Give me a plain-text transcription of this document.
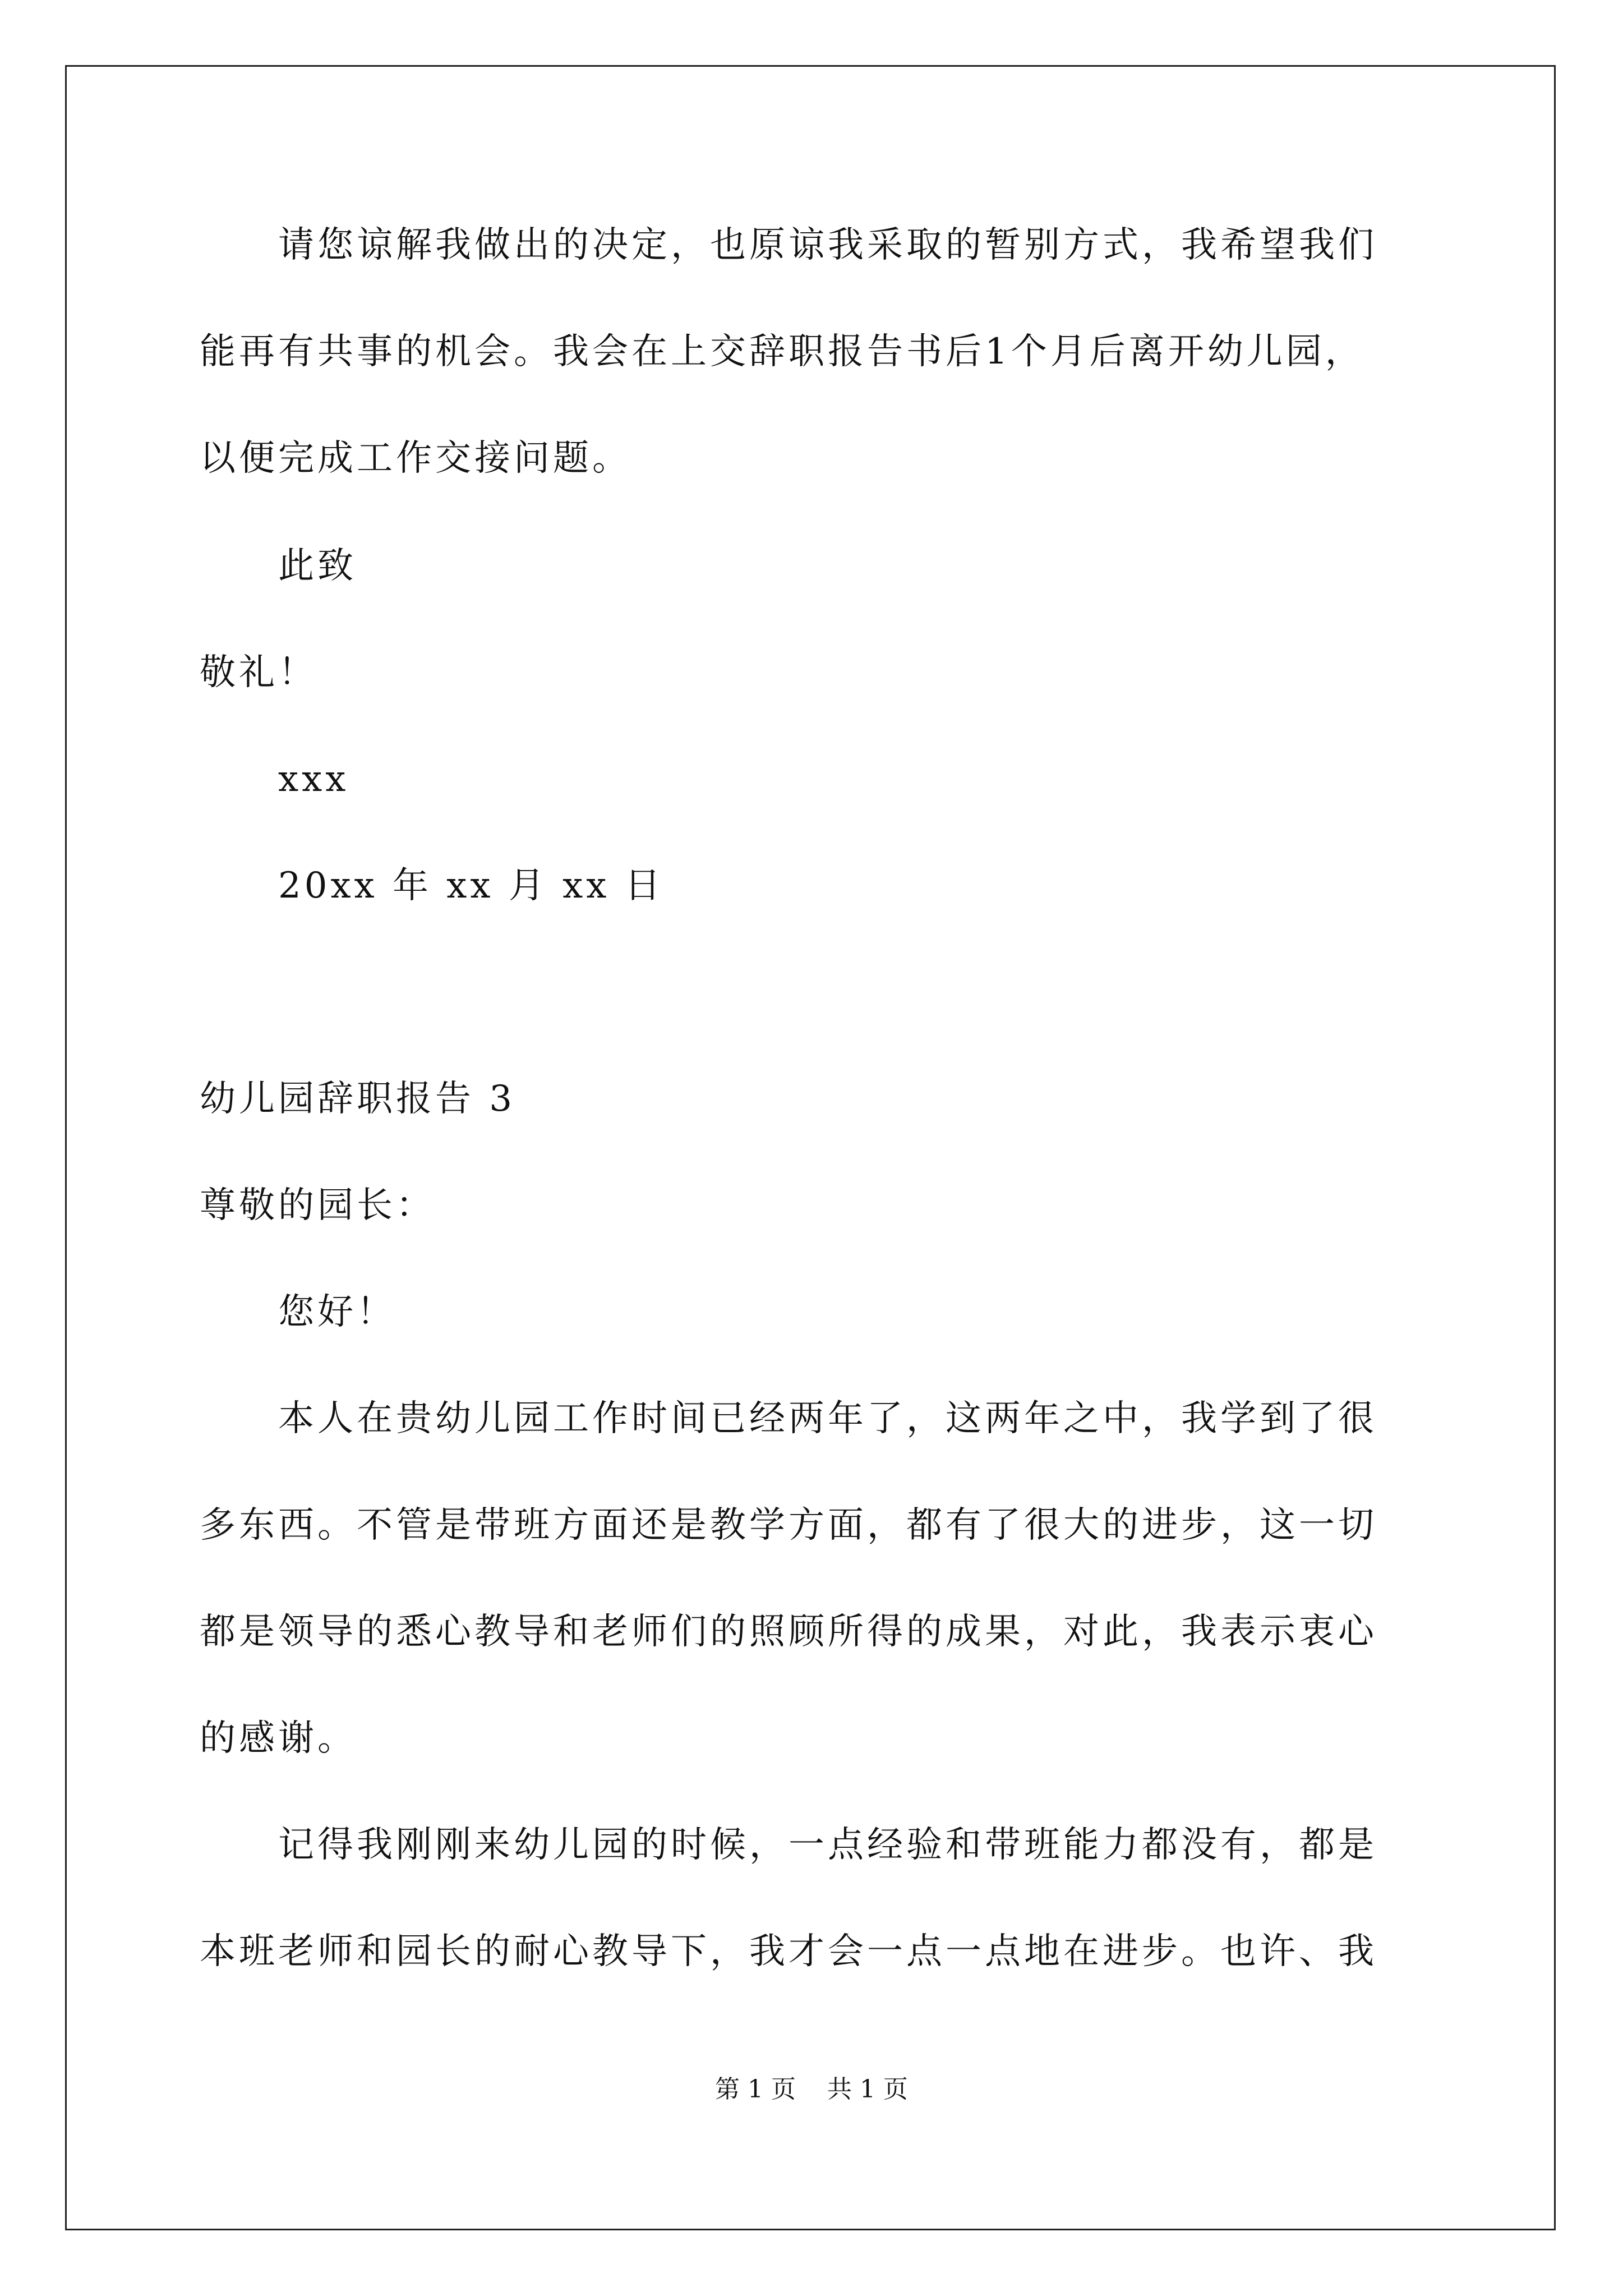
请您谅解我做出的决定，也原谅我采取的暂别方式，我希望我们
能再有共事的机会。我会在上交辞职报告书后1个月后离开幼儿园，
以便完成工作交接问题。
此致
敬礼！
xxx
20xx 年 xx 月 xx 日
幼儿园辞职报告 3
尊敬的园长：
您好！
本人在贵幼儿园工作时间已经两年了，这两年之中，我学到了很
多东西。不管是带班方面还是教学方面，都有了很大的进步，这一切
都是领导的悉心教导和老师们的照顾所得的成果，对此，我表示衷心
的感谢。
记得我刚刚来幼儿园的时候，一点经验和带班能力都没有，都是
本班老师和园长的耐心教导下，我才会一点一点地在进步。也许、我
第 1 页    共 1 页
